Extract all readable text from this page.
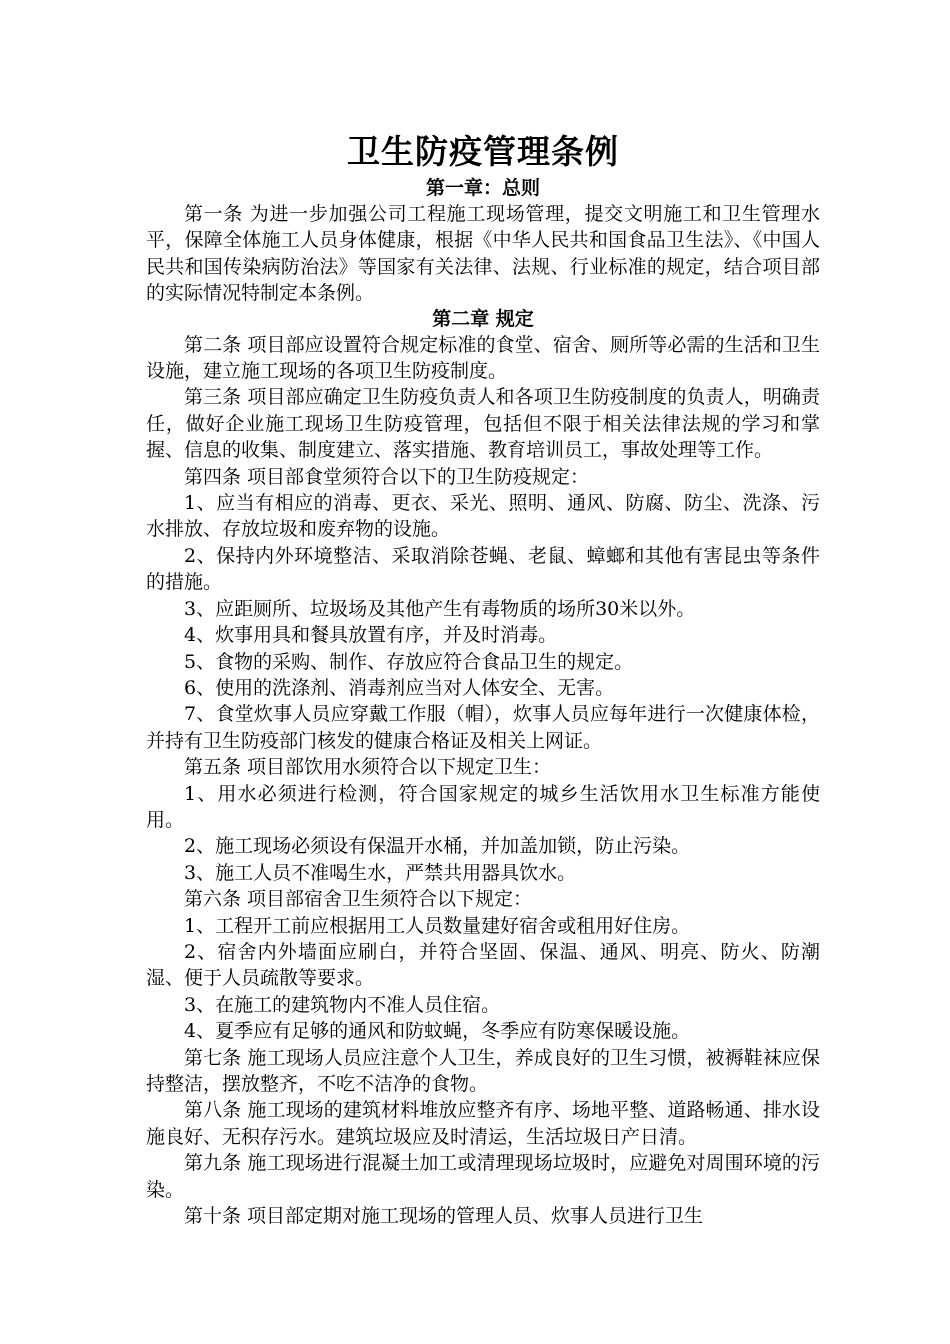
卫生防疫管理条例
第一章：总则

第一条 为进一步加强公司工程施工现场管理，提交文明施工和卫生管理水平，保障全体施工人员身体健康，根据《中华人民共和国食品卫生法》、《中国人民共和国传染病防治法》等国家有关法律、法规、行业标准的规定，结合项目部的实际情况特制定本条例。

第二章 规定

第二条 项目部应设置符合规定标准的食堂、宿舍、厕所等必需的生活和卫生设施，建立施工现场的各项卫生防疫制度。

第三条 项目部应确定卫生防疫负责人和各项卫生防疫制度的负责人，明确责任，做好企业施工现场卫生防疫管理，包括但不限于相关法律法规的学习和掌握、信息的收集、制度建立、落实措施、教育培训员工，事故处理等工作。

第四条 项目部食堂须符合以下的卫生防疫规定：

1、应当有相应的消毒、更衣、采光、照明、通风、防腐、防尘、洗涤、污水排放、存放垃圾和废弃物的设施。

2、保持内外环境整洁、采取消除苍蝇、老鼠、蟑螂和其他有害昆虫等条件的措施。

3、应距厕所、垃圾场及其他产生有毒物质的场所30米以外。

4、炊事用具和餐具放置有序，并及时消毒。

5、食物的采购、制作、存放应符合食品卫生的规定。

6、使用的洗涤剂、消毒剂应当对人体安全、无害。

7、食堂炊事人员应穿戴工作服（帽），炊事人员应每年进行一次健康体检，并持有卫生防疫部门核发的健康合格证及相关上网证。

第五条 项目部饮用水须符合以下规定卫生：

1、用水必须进行检测，符合国家规定的城乡生活饮用水卫生标准方能使用。

2、施工现场必须设有保温开水桶，并加盖加锁，防止污染。

3、施工人员不准喝生水，严禁共用器具饮水。

第六条 项目部宿舍卫生须符合以下规定：

1、工程开工前应根据用工人员数量建好宿舍或租用好住房。

2、宿舍内外墙面应刷白，并符合坚固、保温、通风、明亮、防火、防潮湿、便于人员疏散等要求。

3、在施工的建筑物内不准人员住宿。

4、夏季应有足够的通风和防蚊蝇，冬季应有防寒保暖设施。

第七条 施工现场人员应注意个人卫生，养成良好的卫生习惯，被褥鞋袜应保持整洁，摆放整齐，不吃不洁净的食物。

第八条 施工现场的建筑材料堆放应整齐有序、场地平整、道路畅通、排水设施良好、无积存污水。建筑垃圾应及时清运，生活垃圾日产日清。

第九条 施工现场进行混凝土加工或清理现场垃圾时，应避免对周围环境的污染。

第十条 项目部定期对施工现场的管理人员、炊事人员进行卫生
